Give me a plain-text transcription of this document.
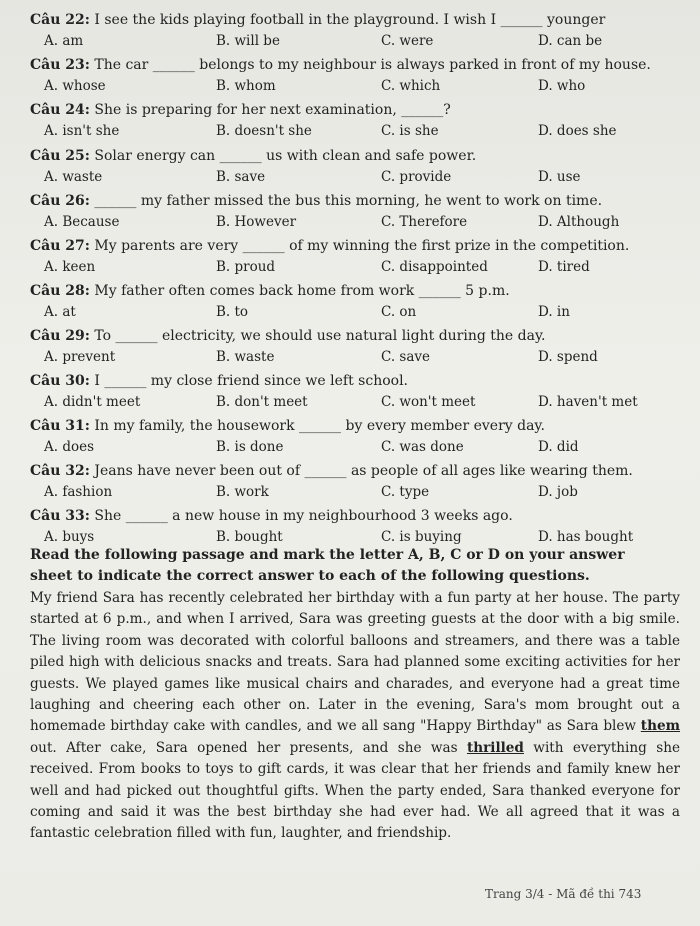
Câu 22: I see the kids playing football in the playground. I wish I ______ younger
A. am	B. will be	C. were	D. can be
Câu 23: The car ______ belongs to my neighbour is always parked in front of my house.
A. whose	B. whom	C. which	D. who
Câu 24: She is preparing for her next examination, ______?
A. isn't she	B. doesn't she	C. is she	D. does she
Câu 25: Solar energy can ______ us with clean and safe power.
A. waste	B. save	C. provide	D. use
Câu 26: ______ my father missed the bus this morning, he went to work on time.
A. Because	B. However	C. Therefore	D. Although
Câu 27: My parents are very ______ of my winning the first prize in the competition.
A. keen	B. proud	C. disappointed	D. tired
Câu 28: My father often comes back home from work ______ 5 p.m.
A. at	B. to	C. on	D. in
Câu 29: To ______ electricity, we should use natural light during the day.
A. prevent	B. waste	C. save	D. spend
Câu 30: I ______ my close friend since we left school.
A. didn't meet	B. don't meet	C. won't meet	D. haven't met
Câu 31: In my family, the housework ______ by every member every day.
A. does	B. is done	C. was done	D. did
Câu 32: Jeans have never been out of ______ as people of all ages like wearing them.
A. fashion	B. work	C. type	D. job
Câu 33: She ______ a new house in my neighbourhood 3 weeks ago.
A. buys	B. bought	C. is buying	D. has bought
Read the following passage and mark the letter A, B, C or D on your answer sheet to indicate the correct answer to each of the following questions.
My friend Sara has recently celebrated her birthday with a fun party at her house. The party started at 6 p.m., and when I arrived, Sara was greeting guests at the door with a big smile. The living room was decorated with colorful balloons and streamers, and there was a table piled high with delicious snacks and treats. Sara had planned some exciting activities for her guests. We played games like musical chairs and charades, and everyone had a great time laughing and cheering each other on. Later in the evening, Sara's mom brought out a homemade birthday cake with candles, and we all sang "Happy Birthday" as Sara blew them out. After cake, Sara opened her presents, and she was thrilled with everything she received. From books to toys to gift cards, it was clear that her friends and family knew her well and had picked out thoughtful gifts. When the party ended, Sara thanked everyone for coming and said it was the best birthday she had ever had. We all agreed that it was a fantastic celebration filled with fun, laughter, and friendship.
Trang 3/4 - Mã đề thi 743
